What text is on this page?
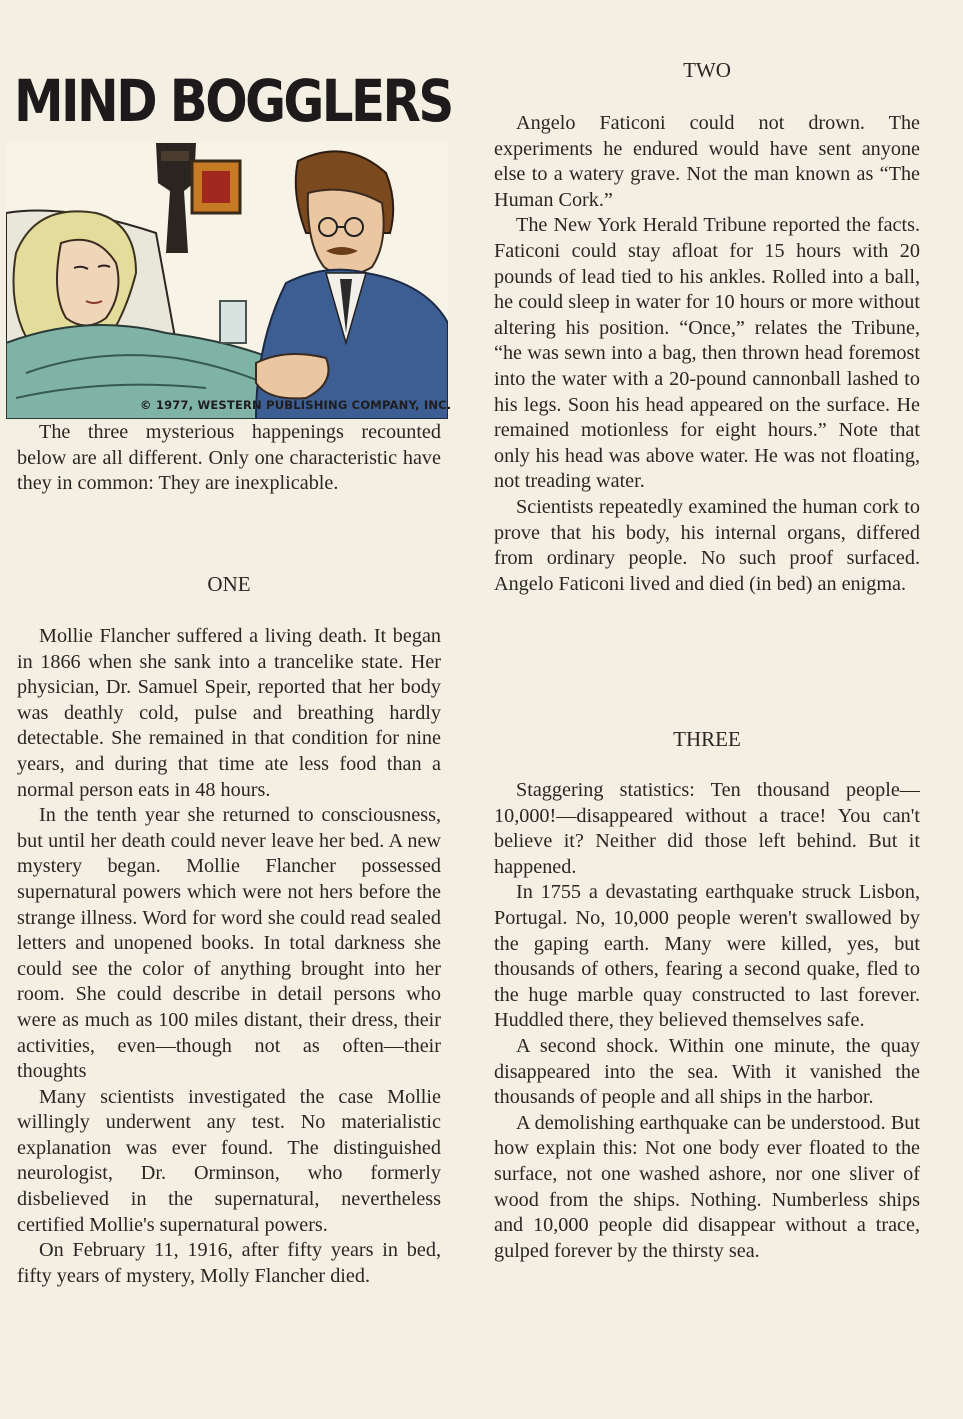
MIND BOGGLERS
© 1977, WESTERN PUBLISHING COMPANY, INC.

The three mysterious happenings recounted below are all different. Only one characteristic have they in common: They are inexplicable.

ONE

Mollie Flancher suffered a living death. It began in 1866 when she sank into a trancelike state. Her physician, Dr. Samuel Speir, reported that her body was deathly cold, pulse and breathing hardly detectable. She remained in that condition for nine years, and during that time ate less food than a normal person eats in 48 hours.

In the tenth year she returned to consciousness, but until her death could never leave her bed. A new mystery began. Mollie Flancher possessed supernatural powers which were not hers before the strange illness. Word for word she could read sealed letters and unopened books. In total darkness she could see the color of anything brought into her room. She could describe in detail persons who were as much as 100 miles distant, their dress, their activities, even—though not as often—their thoughts

Many scientists investigated the case Mollie willingly underwent any test. No materialistic explanation was ever found. The distinguished neurologist, Dr. Orminson, who formerly disbelieved in the supernatural, nevertheless certified Mollie's supernatural powers.

On February 11, 1916, after fifty years in bed, fifty years of mystery, Molly Flancher died.

TWO

Angelo Faticoni could not drown. The experiments he endured would have sent anyone else to a watery grave. Not the man known as “The Human Cork.”

The New York Herald Tribune reported the facts. Faticoni could stay afloat for 15 hours with 20 pounds of lead tied to his ankles. Rolled into a ball, he could sleep in water for 10 hours or more without altering his position. “Once,” relates the Tribune, “he was sewn into a bag, then thrown head foremost into the water with a 20-pound cannonball lashed to his legs. Soon his head appeared on the surface. He remained motionless for eight hours.” Note that only his head was above water. He was not floating, not treading water.

Scientists repeatedly examined the human cork to prove that his body, his internal organs, differed from ordinary people. No such proof surfaced. Angelo Faticoni lived and died (in bed) an enigma.

THREE

Staggering statistics: Ten thousand people—10,000!—disappeared without a trace! You can't believe it? Neither did those left behind. But it happened.

In 1755 a devastating earthquake struck Lisbon, Portugal. No, 10,000 people weren't swallowed by the gaping earth. Many were killed, yes, but thousands of others, fearing a second quake, fled to the huge marble quay constructed to last forever. Huddled there, they believed themselves safe.

A second shock. Within one minute, the quay disappeared into the sea. With it vanished the thousands of people and all ships in the harbor.

A demolishing earthquake can be understood. But how explain this: Not one body ever floated to the surface, not one washed ashore, nor one sliver of wood from the ships. Nothing. Numberless ships and 10,000 people did disappear without a trace, gulped forever by the thirsty sea.
